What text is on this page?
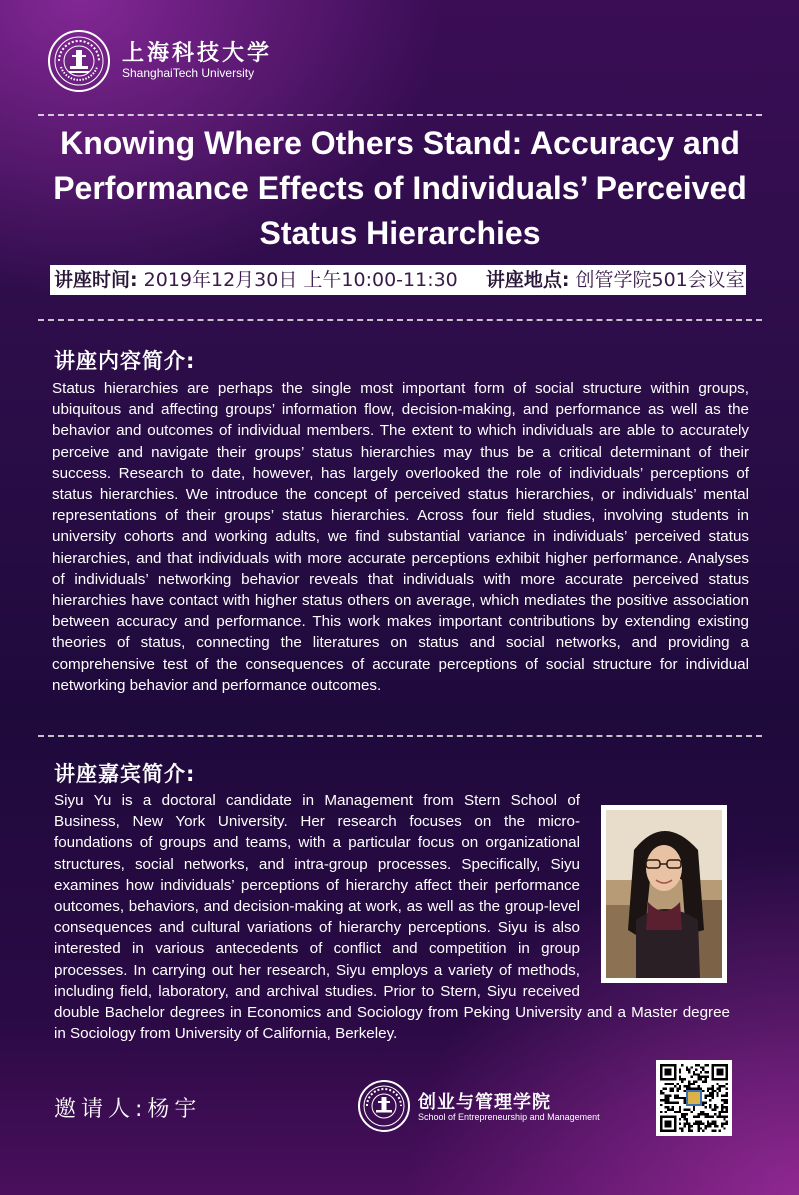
上海科技大学
ShanghaiTech University
Knowing Where Others Stand: Accuracy and Performance Effects of Individuals’ Perceived Status Hierarchies
讲座时间: 2019年12月30日 上午10:00-11:30 讲座地点: 创管学院501会议室
讲座内容简介:
Status hierarchies are perhaps the single most important form of social structure within groups, ubiquitous and affecting groups’ information flow, decision-making, and performance as well as the behavior and outcomes of individual members. The extent to which individuals are able to accurately perceive and navigate their groups’ status hierarchies may thus be a critical determinant of their success. Research to date, however, has largely overlooked the role of individuals’ perceptions of status hierarchies. We introduce the concept of perceived status hierarchies, or individuals’ mental representations of their groups’ status hierarchies. Across four field studies, involving students in university cohorts and working adults, we find substantial variance in individuals’ perceived status hierarchies, and that individuals with more accurate perceptions exhibit higher performance. Analyses of individuals’ networking behavior reveals that individuals with more accurate perceived status hierarchies have contact with higher status others on average, which mediates the positive association between accuracy and performance. This work makes important contributions by extending existing theories of status, connecting the literatures on status and social networks, and providing a comprehensive test of the consequences of accurate perceptions of social structure for individual networking behavior and performance outcomes.
讲座嘉宾简介:
Siyu Yu is a doctoral candidate in Management from Stern School of Business, New York University. Her research focuses on the micro-foundations of groups and teams, with a particular focus on organizational structures, social networks, and intra-group processes. Specifically, Siyu examines how individuals’ perceptions of hierarchy affect their performance outcomes, behaviors, and decision-making at work, as well as the group-level consequences and cultural variations of hierarchy perceptions. Siyu is also interested in various antecedents of conflict and competition in group processes. In carrying out her research, Siyu employs a variety of methods, including field, laboratory, and archival studies. Prior to Stern, Siyu received double Bachelor degrees in Economics and Sociology from Peking University and a Master degree in Sociology from University of California, Berkeley.
邀请人:杨宇	创业与管理学院
School of Entrepreneurship and Management
